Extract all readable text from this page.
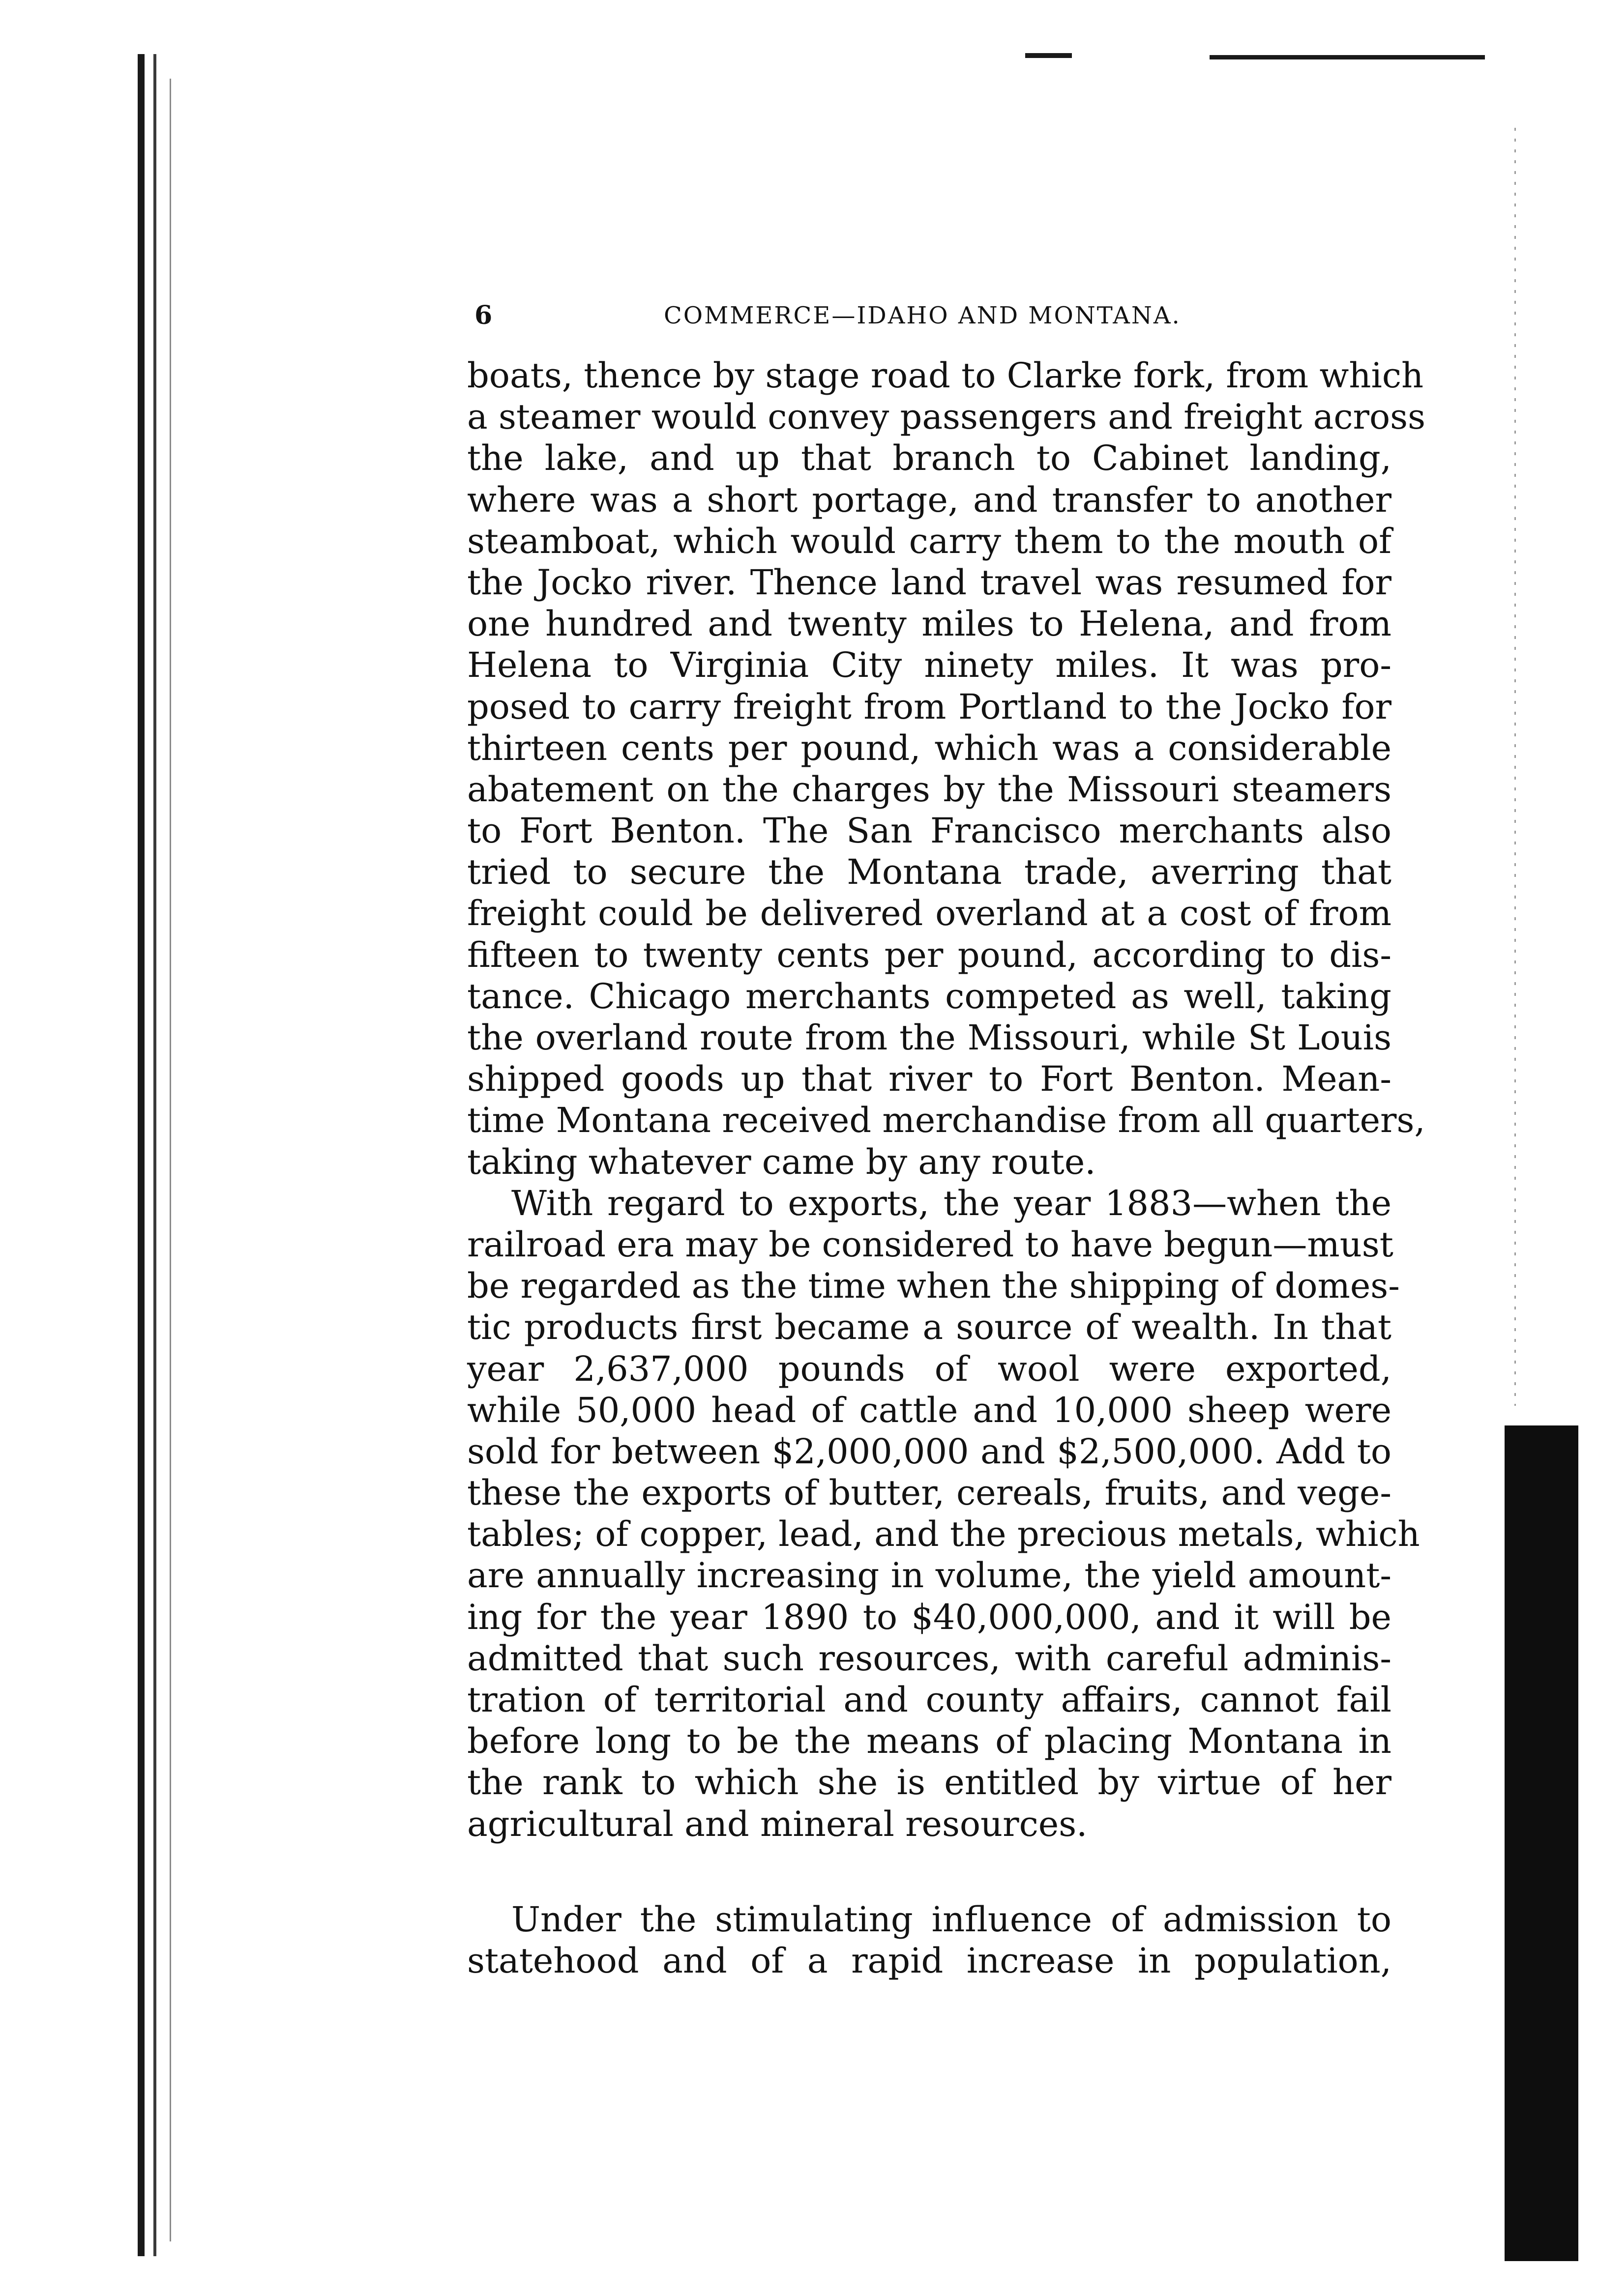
6	COMMERCE—IDAHO AND MONTANA.
boats, thence by stage road to Clarke fork, from which
a steamer would convey passengers and freight across
the lake, and up that branch to Cabinet landing,
where was a short portage, and transfer to another
steamboat, which would carry them to the mouth of
the Jocko river. Thence land travel was resumed for
one hundred and twenty miles to Helena, and from
Helena to Virginia City ninety miles. It was pro-
posed to carry freight from Portland to the Jocko for
thirteen cents per pound, which was a considerable
abatement on the charges by the Missouri steamers
to Fort Benton. The San Francisco merchants also
tried to secure the Montana trade, averring that
freight could be delivered overland at a cost of from
fifteen to twenty cents per pound, according to dis-
tance. Chicago merchants competed as well, taking
the overland route from the Missouri, while St Louis
shipped goods up that river to Fort Benton. Mean-
time Montana received merchandise from all quarters,
taking whatever came by any route.
With regard to exports, the year 1883—when the
railroad era may be considered to have begun—must
be regarded as the time when the shipping of domes-
tic products first became a source of wealth. In that
year 2,637,000 pounds of wool were exported,
while 50,000 head of cattle and 10,000 sheep were
sold for between $2,000,000 and $2,500,000. Add to
these the exports of butter, cereals, fruits, and vege-
tables; of copper, lead, and the precious metals, which
are annually increasing in volume, the yield amount-
ing for the year 1890 to $40,000,000, and it will be
admitted that such resources, with careful adminis-
tration of territorial and county affairs, cannot fail
before long to be the means of placing Montana in
the rank to which she is entitled by virtue of her
agricultural and mineral resources.
Under the stimulating influence of admission to
statehood and of a rapid increase in population,
